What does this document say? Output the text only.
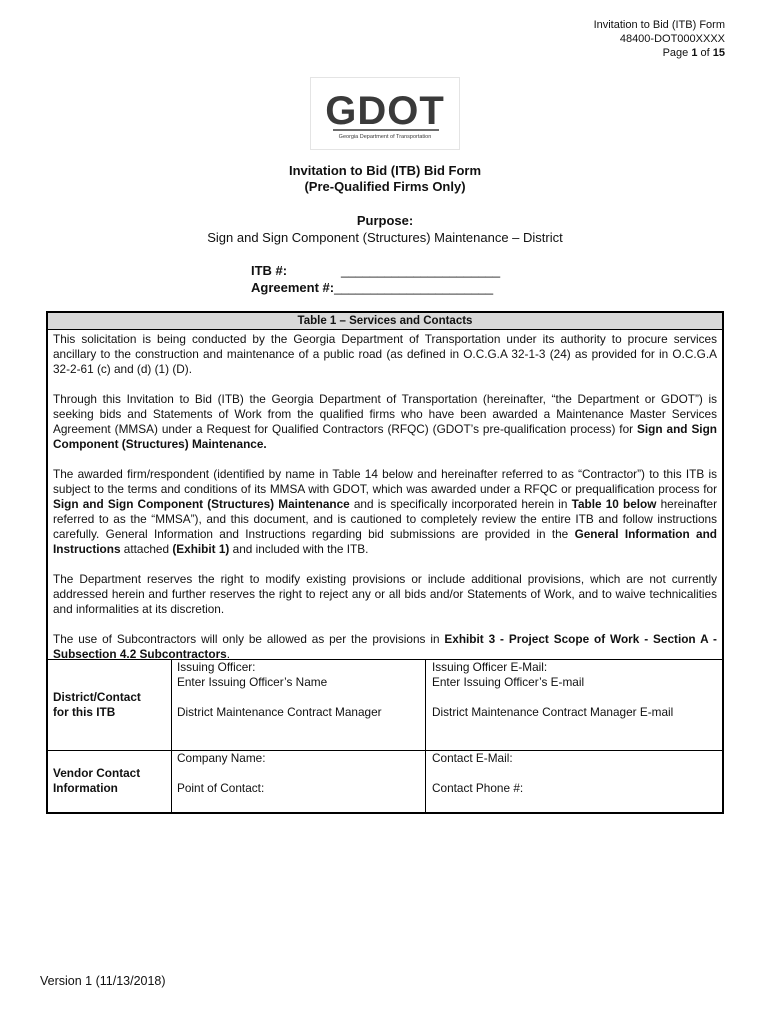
Invitation to Bid (ITB) Form
48400-DOT000XXXX
Page 1 of 15
GDOT
Georgia Department of Transportation
Invitation to Bid (ITB) Bid Form
(Pre-Qualified Firms Only)
Purpose:
Sign and Sign Component (Structures) Maintenance – District
ITB #:	______________________
Agreement #: ______________________
Table 1 – Services and Contacts

This solicitation is being conducted by the Georgia Department of Transportation under its authority to procure services ancillary to the construction and maintenance of a public road (as defined in O.C.G.A 32-1-3 (24) as provided for in O.C.G.A 32-2-61 (c) and (d) (1) (D).

Through this Invitation to Bid (ITB) the Georgia Department of Transportation (hereinafter, “the Department or GDOT”) is seeking bids and Statements of Work from the qualified firms who have been awarded a Maintenance Master Services Agreement (MMSA) under a Request for Qualified Contractors (RFQC) (GDOT’s pre-qualification process) for Sign and Sign Component (Structures) Maintenance.

The awarded firm/respondent (identified by name in Table 14 below and hereinafter referred to as “Contractor”) to this ITB is subject to the terms and conditions of its MMSA with GDOT, which was awarded under a RFQC or prequalification process for Sign and Sign Component (Structures) Maintenance and is specifically incorporated herein in Table 10 below hereinafter referred to as the “MMSA”), and this document, and is cautioned to completely review the entire ITB and follow instructions carefully. General Information and Instructions regarding bid submissions are provided in the General Information and Instructions attached (Exhibit 1) and included with the ITB.

The Department reserves the right to modify existing provisions or include additional provisions, which are not currently addressed herein and further reserves the right to reject any or all bids and/or Statements of Work, and to waive technicalities and informalities at its discretion.

The use of Subcontractors will only be allowed as per the provisions in Exhibit 3 - Project Scope of Work - Section A - Subsection 4.2 Subcontractors.

District/Contact
for this ITB
Issuing Officer:
Enter Issuing Officer’s Name
District Maintenance Contract Manager
Issuing Officer E-Mail:
Enter Issuing Officer’s E-mail
District Maintenance Contract Manager E-mail
Vendor Contact
Information
Company Name:
Point of Contact:
Contact E-Mail:
Contact Phone #:
Version 1 (11/13/2018)
